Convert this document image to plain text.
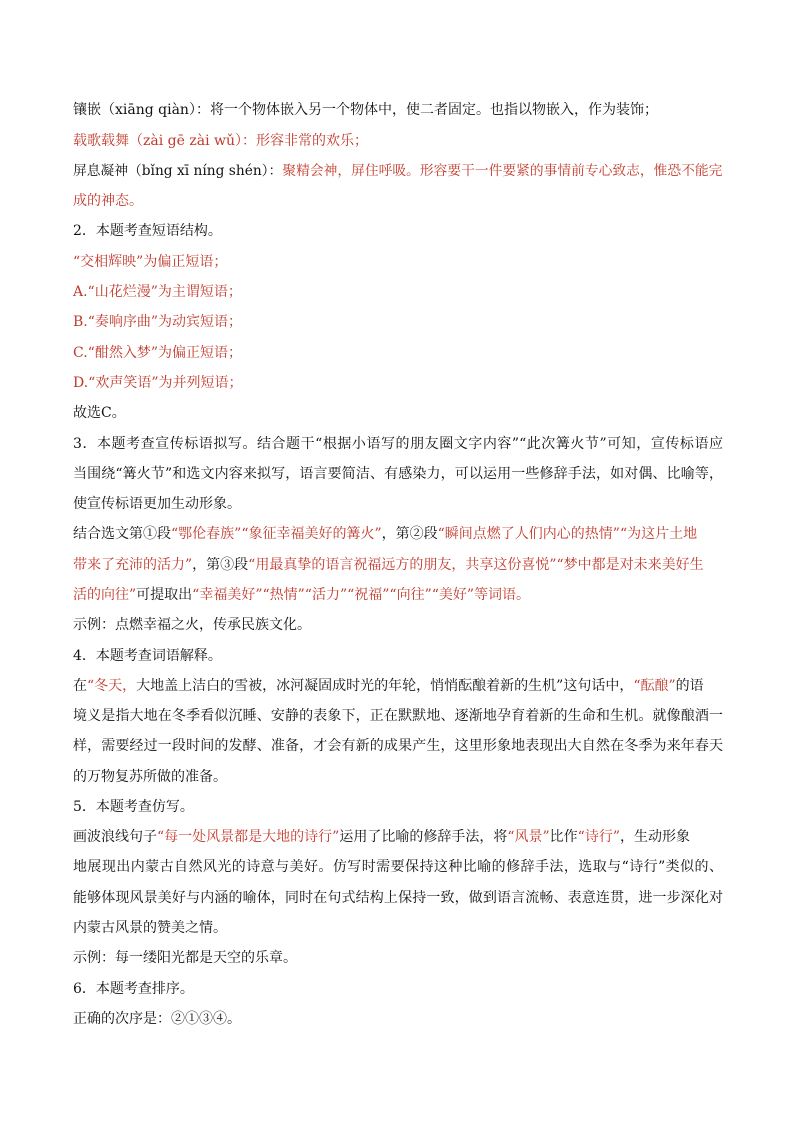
镶嵌（xiāng qiàn）：将一个物体嵌入另一个物体中，使二者固定。也指以物嵌入，作为装饰；
载歌载舞（zài gē zài wǔ）：形容非常的欢乐；
屏息凝神（bǐng xī níng shén）：聚精会神，屏住呼吸。形容要干一件要紧的事情前专心致志，惟恐不能完
成的神态。
2．本题考查短语结构。
“交相辉映”为偏正短语；
A.“山花烂漫”为主谓短语；
B.“奏响序曲”为动宾短语；
C.“酣然入梦”为偏正短语；
D.“欢声笑语”为并列短语；
故选C。
3．本题考查宣传标语拟写。结合题干“根据小语写的朋友圈文字内容”“此次篝火节”可知，宣传标语应
当围绕“篝火节”和选文内容来拟写，语言要简洁、有感染力，可以运用一些修辞手法，如对偶、比喻等，
使宣传标语更加生动形象。
结合选文第①段“鄂伦春族”“象征幸福美好的篝火”，第②段“瞬间点燃了人们内心的热情”“为这片土地
带来了充沛的活力”，第③段“用最真挚的语言祝福远方的朋友，共享这份喜悦”“梦中都是对未来美好生
活的向往”可提取出“幸福美好”“热情”“活力”“祝福”“向往”“美好”等词语。
示例：点燃幸福之火，传承民族文化。
4．本题考查词语解释。
在“冬天，大地盖上洁白的雪被，冰河凝固成时光的年轮，悄悄酝酿着新的生机”这句话中，“酝酿”的语
境义是指大地在冬季看似沉睡、安静的表象下，正在默默地、逐渐地孕育着新的生命和生机。就像酿酒一
样，需要经过一段时间的发酵、准备，才会有新的成果产生，这里形象地表现出大自然在冬季为来年春天
的万物复苏所做的准备。
5．本题考查仿写。
画波浪线句子“每一处风景都是大地的诗行”运用了比喻的修辞手法，将“风景”比作“诗行”，生动形象
地展现出内蒙古自然风光的诗意与美好。仿写时需要保持这种比喻的修辞手法，选取与“诗行”类似的、
能够体现风景美好与内涵的喻体，同时在句式结构上保持一致，做到语言流畅、表意连贯，进一步深化对
内蒙古风景的赞美之情。
示例：每一缕阳光都是天空的乐章。
6．本题考查排序。
正确的次序是：②①③④。
